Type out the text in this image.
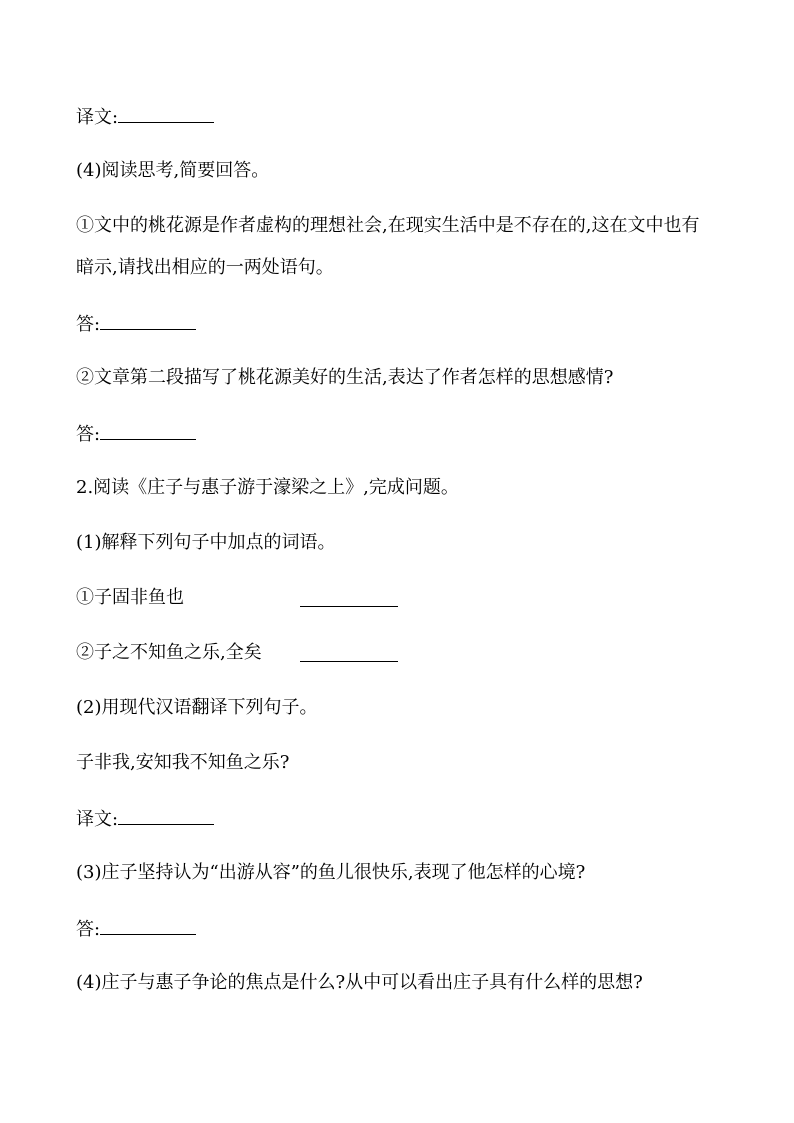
译文:
(4)阅读思考,简要回答。
①文中的桃花源是作者虚构的理想社会,在现实生活中是不存在的,这在文中也有
暗示,请找出相应的一两处语句。
答:
②文章第二段描写了桃花源美好的生活,表达了作者怎样的思想感情?
答:
2.阅读《庄子与惠子游于濠梁之上》,完成问题。
(1)解释下列句子中加点的词语。
①子固非鱼也
②子之不知鱼之乐,全矣
(2)用现代汉语翻译下列句子。
子非我,安知我不知鱼之乐?
译文:
(3)庄子坚持认为“出游从容”的鱼儿很快乐,表现了他怎样的心境?
答:
(4)庄子与惠子争论的焦点是什么?从中可以看出庄子具有什么样的思想?
